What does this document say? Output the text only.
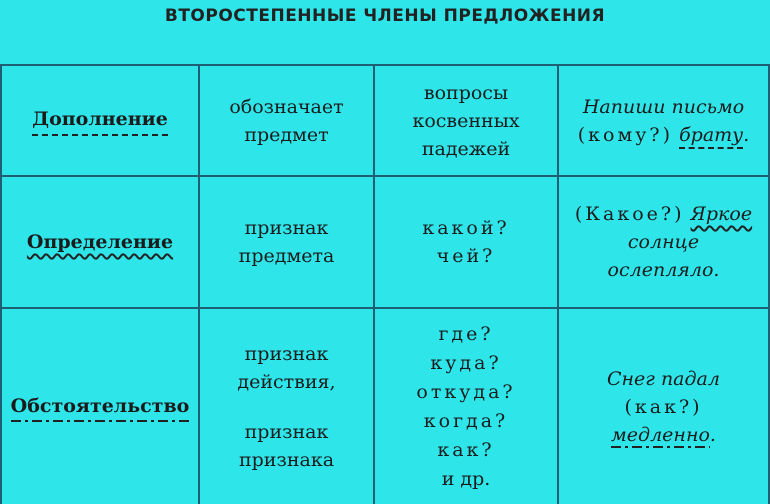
ВТОРОСТЕПЕННЫЕ ЧЛЕНЫ ПРЕДЛОЖЕНИЯ
Дополнение
обозначает
предмет
вопросы
косвенных
падежей
Напиши письмо
(кому?) брату.
Определение
признак
предмета
какой?
чей?
(Какое?) Яркое
солнце
ослепляло.
Обстоятельство
признак
действия,
признак
признака
где?
куда?
откуда?
когда?
как?
и др.
Снег падал
(как?)
медленно.
